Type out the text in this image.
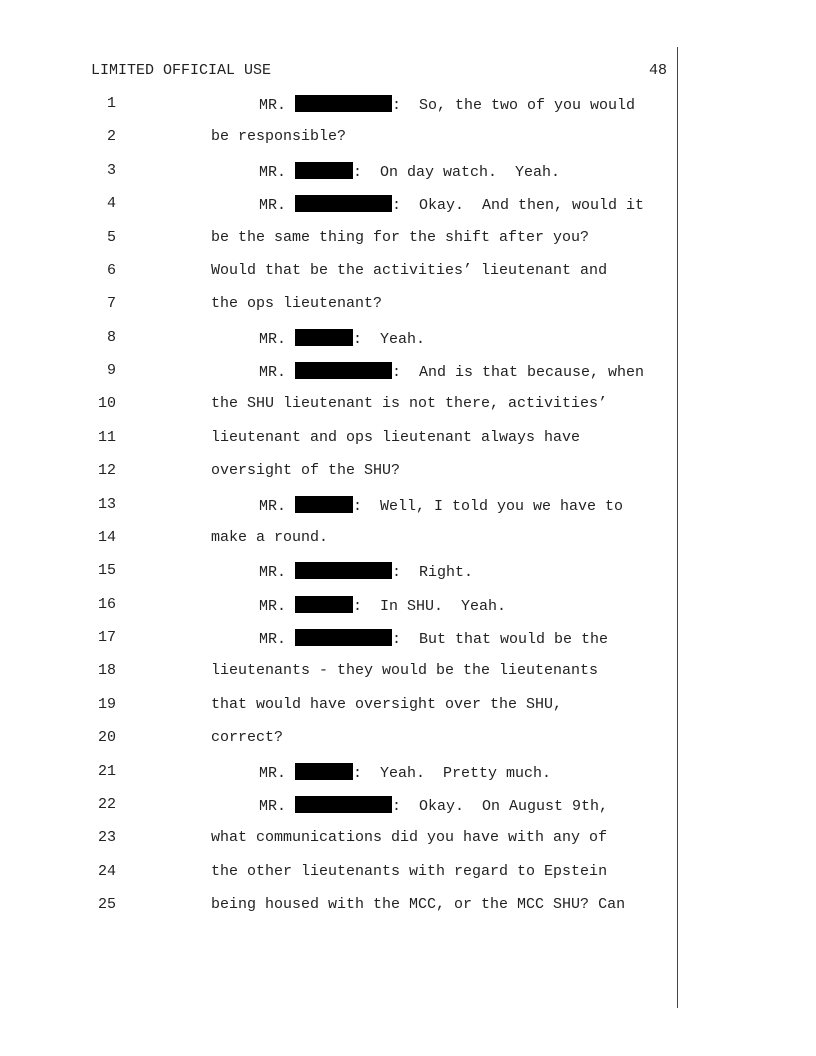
LIMITED OFFICIAL USE	48
1	MR.	:  So, the two of you would
2	be responsible?
3	MR.	:  On day watch.  Yeah.
4	MR.	:  Okay.  And then, would it
5	be the same thing for the shift after you?
6	Would that be the activities’ lieutenant and
7	the ops lieutenant?
8	MR.	:  Yeah.
9	MR.	:  And is that because, when
10	the SHU lieutenant is not there, activities’
11	lieutenant and ops lieutenant always have
12	oversight of the SHU?
13	MR.	:  Well, I told you we have to
14	make a round.
15	MR.	:  Right.
16	MR.	:  In SHU.  Yeah.
17	MR.	:  But that would be the
18	lieutenants - they would be the lieutenants
19	that would have oversight over the SHU,
20	correct?
21	MR.	:  Yeah.  Pretty much.
22	MR.	:  Okay.  On August 9th,
23	what communications did you have with any of
24	the other lieutenants with regard to Epstein
25	being housed with the MCC, or the MCC SHU? Can
